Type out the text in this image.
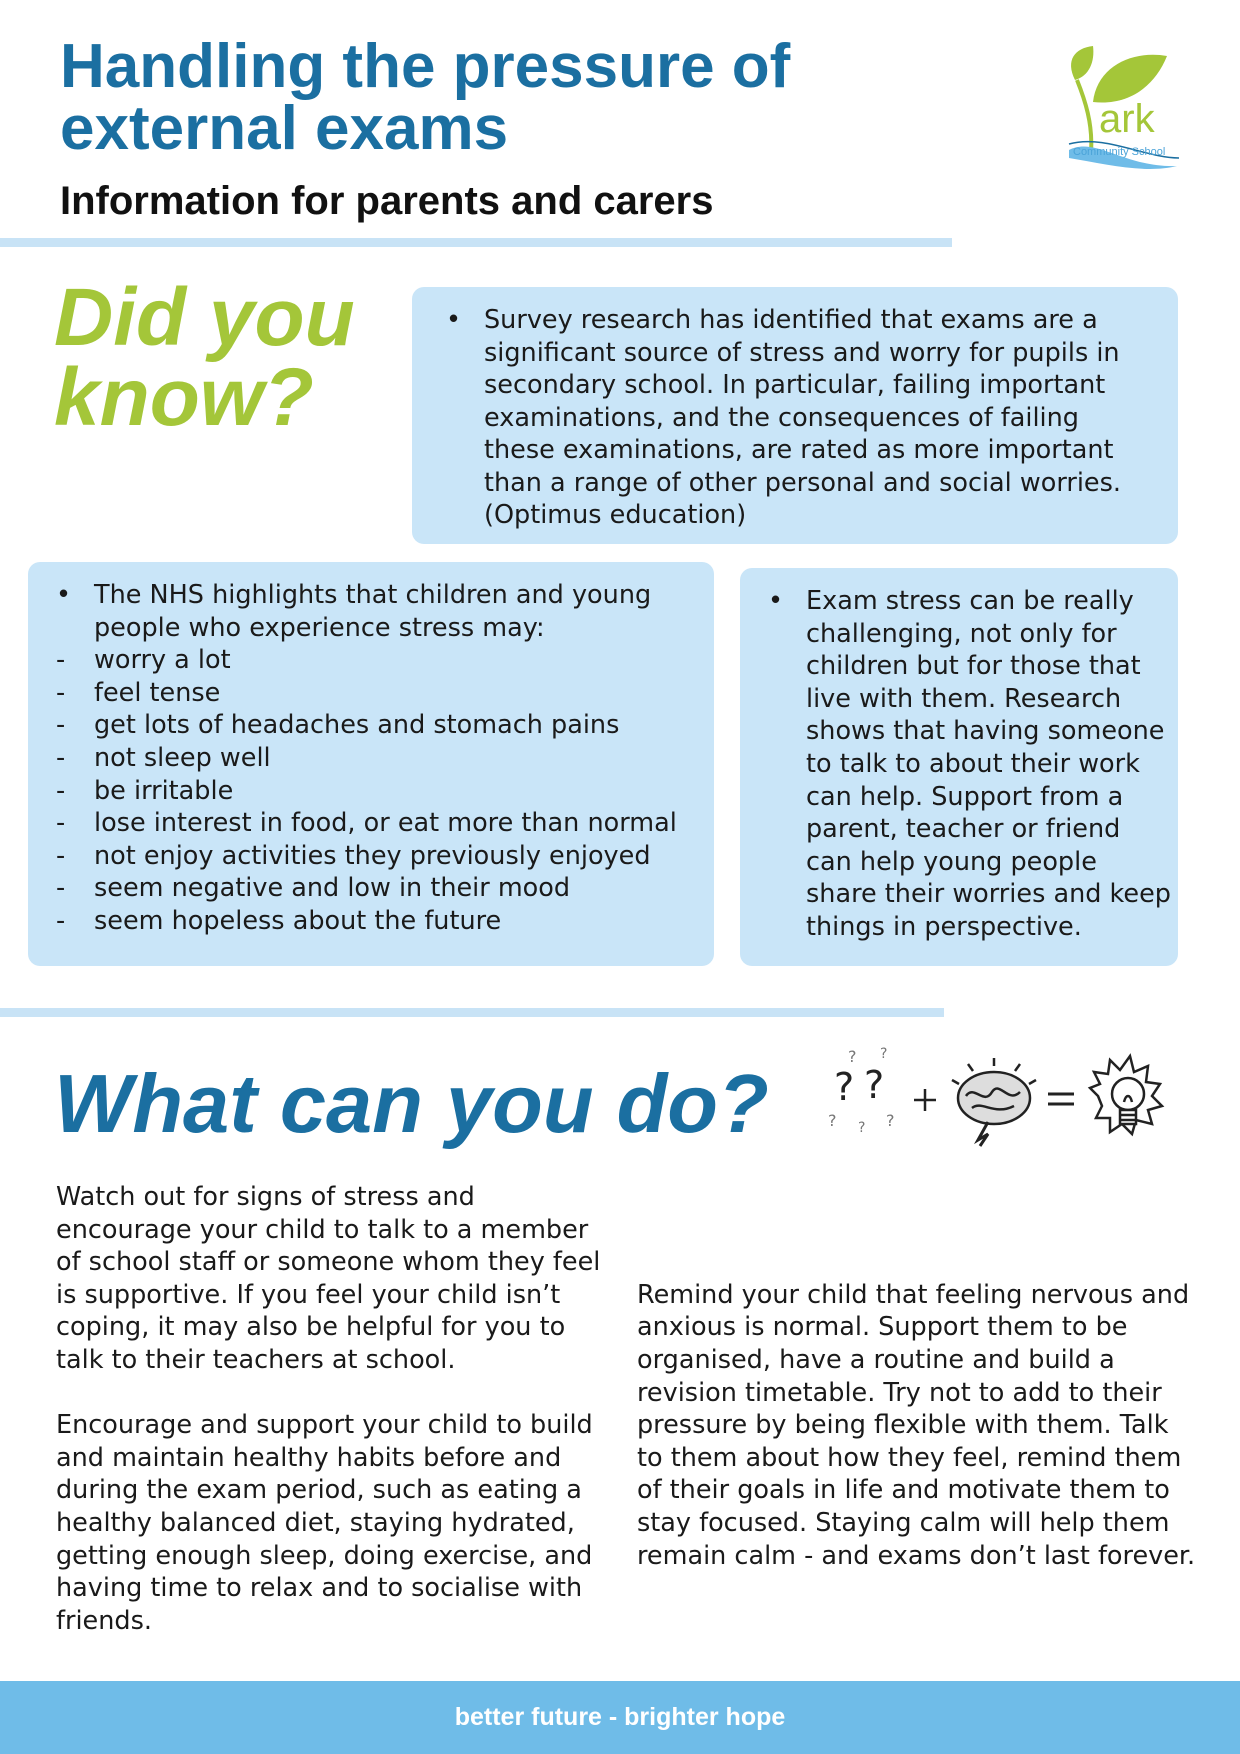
Handling the pressure of
external exams
Information for parents and carers
ark
Community School
Did you
know?
• Survey research has identified that exams are a significant source of stress and worry for pupils in secondary school. In particular, failing important examinations, and the consequences of failing these examinations, are rated as more important than a range of other personal and social worries. (Optimus education)
• The NHS highlights that children and young people who experience stress may:
- worry a lot
- feel tense
- get lots of headaches and stomach pains
- not sleep well
- be irritable
- lose interest in food, or eat more than normal
- not enjoy activities they previously enjoyed
- seem negative and low in their mood
- seem hopeless about the future
• Exam stress can be really challenging, not only for children but for those that live with them. Research shows that having someone to talk to about their work can help. Support from a parent, teacher or friend can help young people share their worries and keep things in perspective.
What can you do? ? ?
? ?
? ? ?

Watch out for signs of stress and encourage your child to talk to a member of school staff or someone whom they feel is supportive. If you feel your child isn’t coping, it may also be helpful for you to talk to their teachers at school.

Encourage and support your child to build and maintain healthy habits before and during the exam period, such as eating a healthy balanced diet, staying hydrated, getting enough sleep, doing exercise, and having time to relax and to socialise with friends.

Remind your child that feeling nervous and anxious is normal. Support them to be organised, have a routine and build a revision timetable. Try not to add to their pressure by being flexible with them. Talk to them about how they feel, remind them of their goals in life and motivate them to stay focused. Staying calm will help them remain calm - and exams don’t last forever.

better future - brighter hope
